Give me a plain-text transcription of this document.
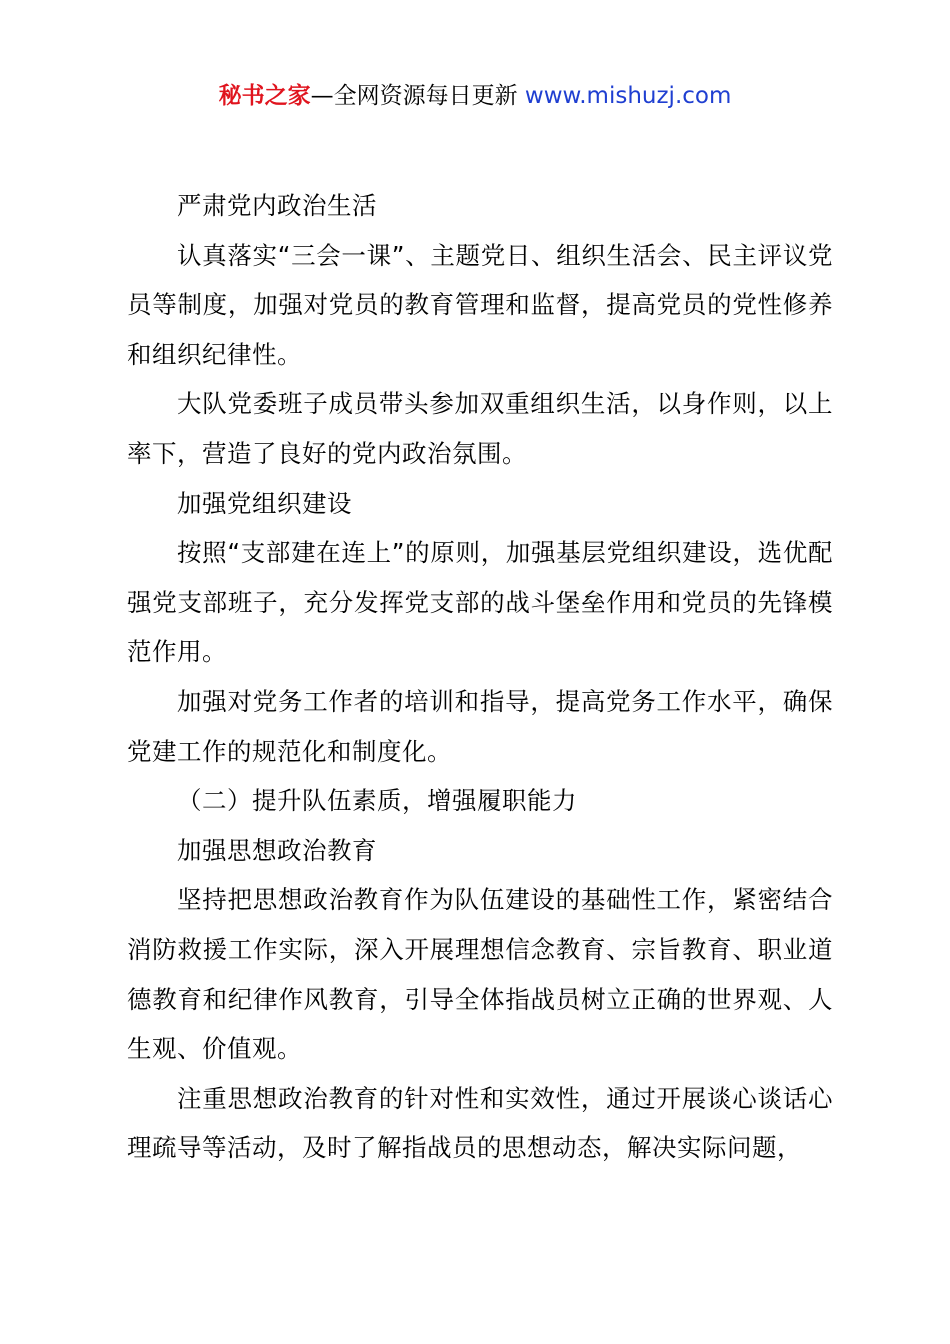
秘书之家—全网资源每日更新 www.mishuzj.com

严肃党内政治生活

认真落实“三会一课”、主题党日、组织生活会、民主评议党员等制度，加强对党员的教育管理和监督，提高党员的党性修养和组织纪律性。

大队党委班子成员带头参加双重组织生活，以身作则，以上率下，营造了良好的党内政治氛围。

加强党组织建设

按照“支部建在连上”的原则，加强基层党组织建设，选优配强党支部班子，充分发挥党支部的战斗堡垒作用和党员的先锋模范作用。

加强对党务工作者的培训和指导，提高党务工作水平，确保党建工作的规范化和制度化。

（二）提升队伍素质，增强履职能力

加强思想政治教育

坚持把思想政治教育作为队伍建设的基础性工作，紧密结合消防救援工作实际，深入开展理想信念教育、宗旨教育、职业道德教育和纪律作风教育，引导全体指战员树立正确的世界观、人生观、价值观。

注重思想政治教育的针对性和实效性，通过开展谈心谈话心理疏导等活动，及时了解指战员的思想动态，解决实际问题，
